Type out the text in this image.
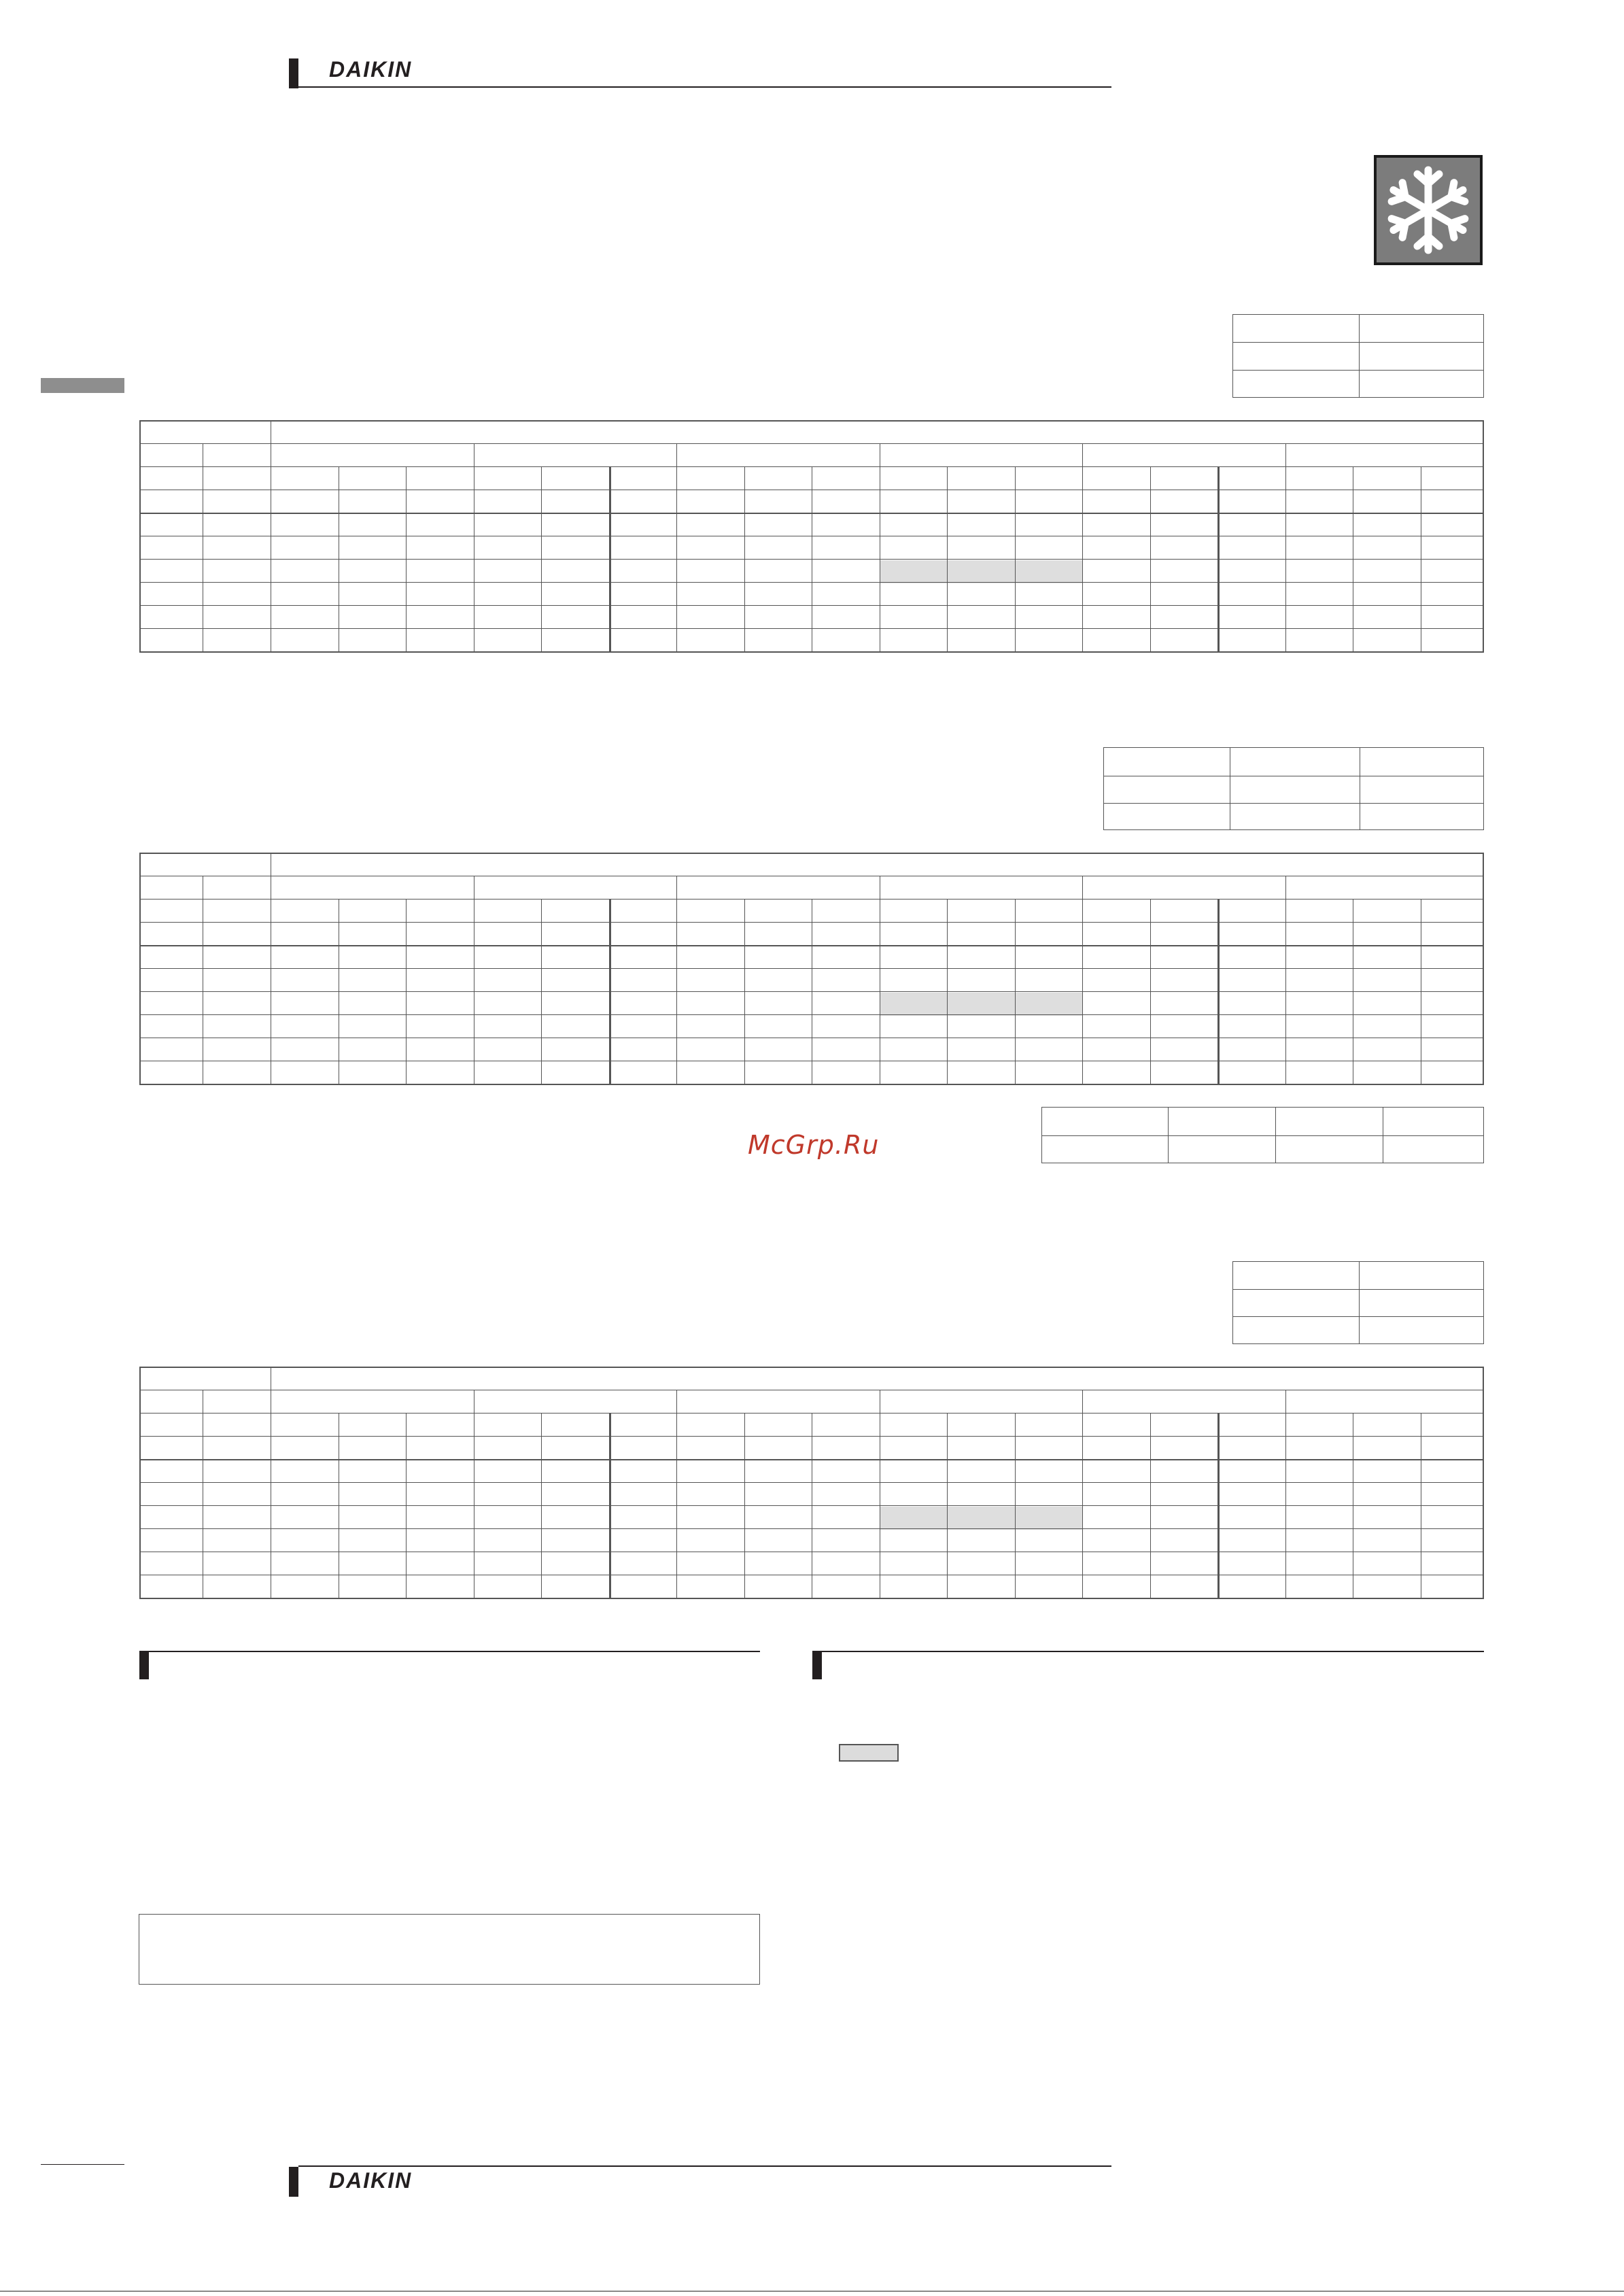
DAIKIN

McGrp.Ru

DAIKIN
